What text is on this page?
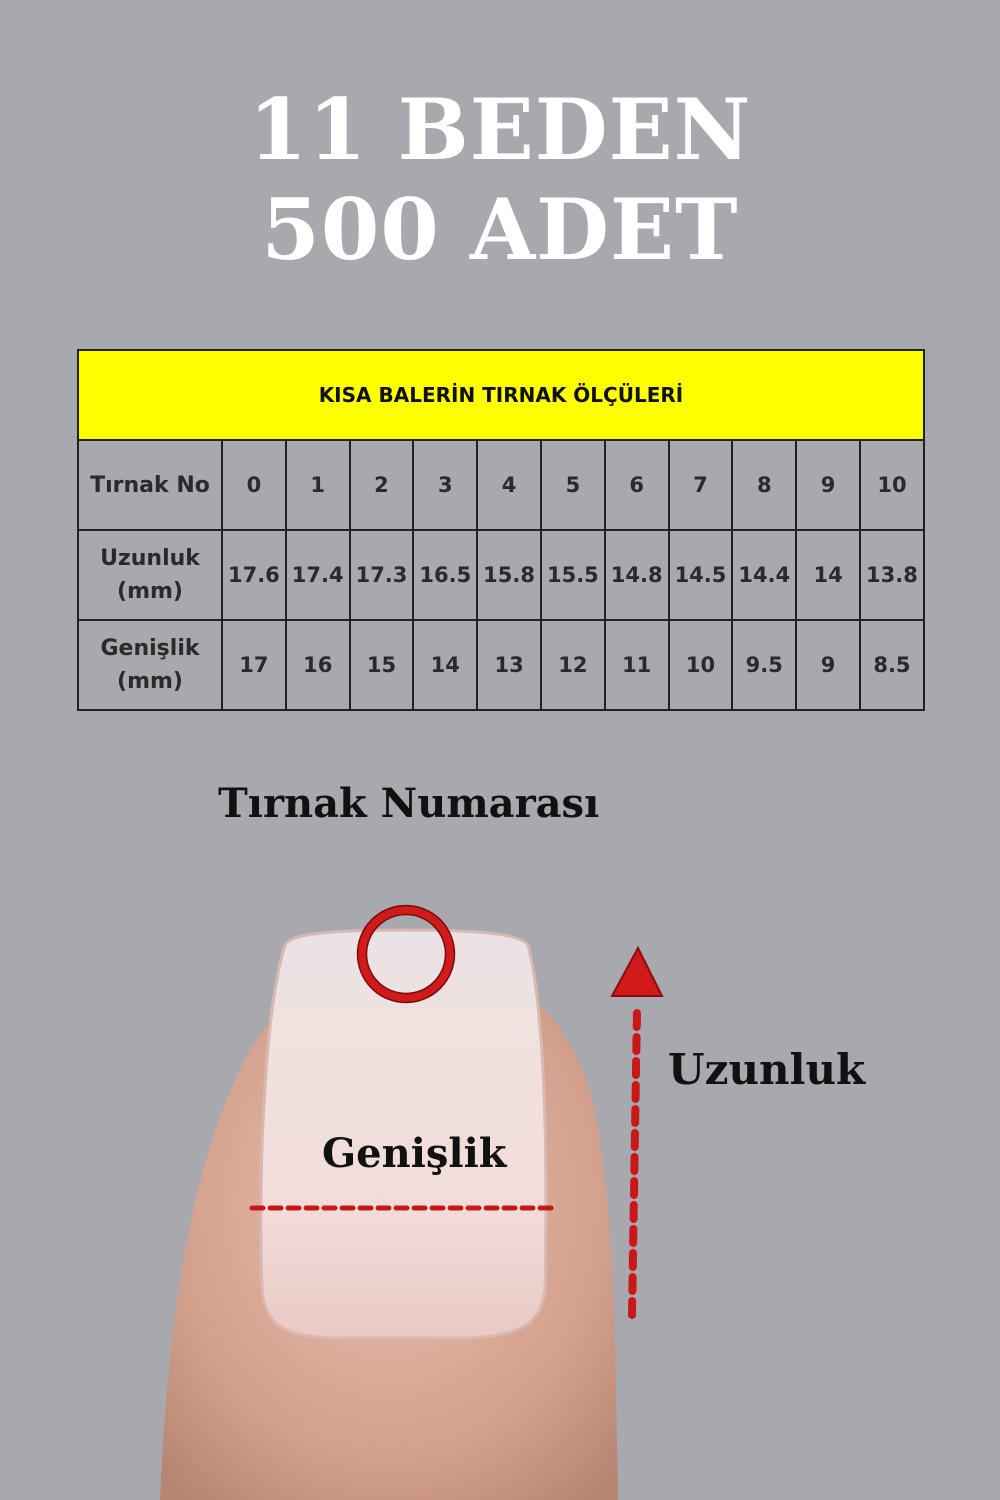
11 BEDEN
500 ADET
KISA BALERİN TIRNAK ÖLÇÜLERİ											
Tırnak No	0	1	2	3	4	5	6	7	8	9	10
Uzunluk (mm)	17.6	17.4	17.3	16.5	15.8	15.5	14.8	14.5	14.4	14	13.8
Genişlik (mm)	17	16	15	14	13	12	11	10	9.5	9	8.5
Tırnak Numarası
Uzunluk
Genişlik
